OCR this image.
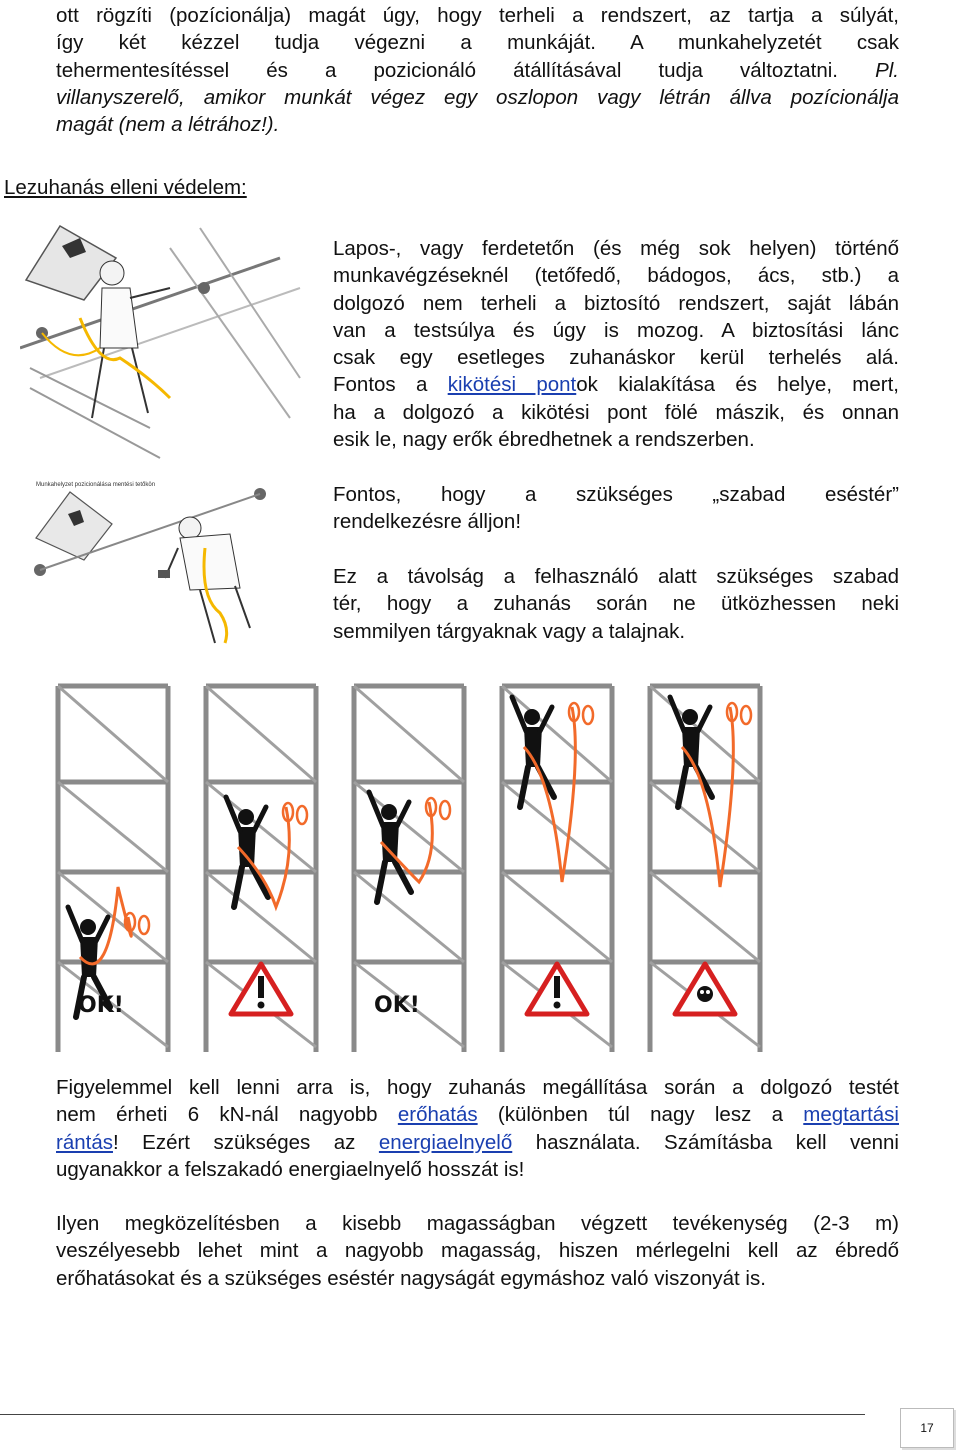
ott rögzíti (pozícionálja) magát úgy, hogy terheli a rendszert, az tartja a súlyát,
így két kézzel tudja végezni a munkáját. A munkahelyzetét csak
tehermentesítéssel és a pozicionáló átállításával tudja változtatni. Pl.
villanyszerelő, amikor munkát végez egy oszlopon vagy létrán állva pozícionálja
magát (nem a létrához!).
Lezuhanás elleni védelem:
Munkahelyzet pozicionálása mentési tetőkön
Lapos-, vagy ferdetetőn (és még sok helyen) történő
munkavégzéseknél (tetőfedő, bádogos, ács, stb.) a
dolgozó nem terheli a biztosító rendszert, saját lábán
van a testsúlya és úgy is mozog. A biztosítási lánc
csak egy esetleges zuhanáskor kerül terhelés alá.
Fontos a kikötési pontok kialakítása és helye, mert,
ha a dolgozó a kikötési pont fölé mászik, és onnan
esik le, nagy erők ébredhetnek a rendszerben.
Fontos, hogy a szükséges „szabad eséstér”
rendelkezésre álljon!
Ez a távolság a felhasználó alatt szükséges szabad
tér, hogy a zuhanás során ne ütközhessen neki
semmilyen tárgyaknak vagy a talajnak.
OK!	OK!
Figyelemmel kell lenni arra is, hogy zuhanás megállítása során a dolgozó testét
nem érheti 6 kN-nál nagyobb erőhatás (különben túl nagy lesz a megtartási
rántás! Ezért szükséges az energiaelnyelő használata. Számításba kell venni
ugyanakkor a felszakadó energiaelnyelő hosszát is!
Ilyen megközelítésben a kisebb magasságban végzett tevékenység (2-3 m)
veszélyesebb lehet mint a nagyobb magasság, hiszen mérlegelni kell az ébredő
erőhatásokat és a szükséges eséstér nagyságát egymáshoz való viszonyát is.
17
